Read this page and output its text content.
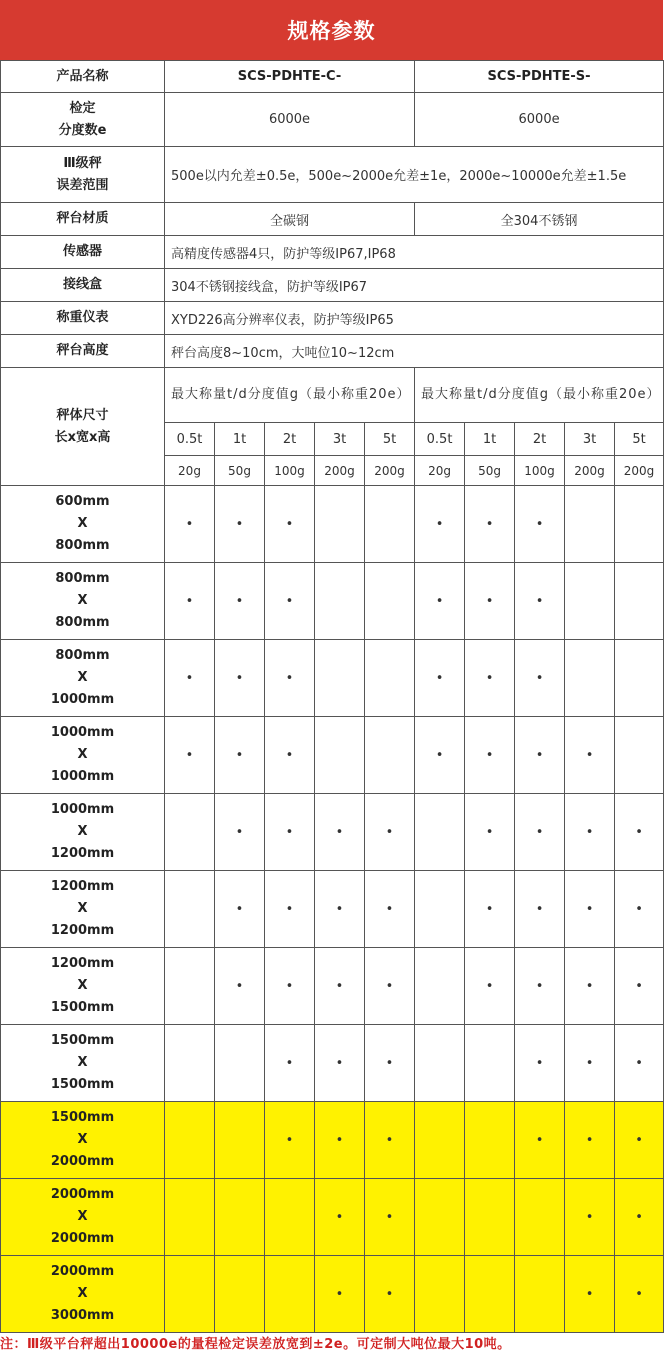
规格参数
产品名称	SCS-PDHTE-C-					SCS-PDHTE-S-				

检定
分度数e	6000e					6000e				

Ⅲ级秤
误差范围	500e以内允差±0.5e，500e~2000e允差±1e，2000e~10000e允差±1.5e									
秤台材质	全碳钢					全304不锈钢				
传感器	高精度传感器4只，防护等级IP67,IP68									
接线盒	304不锈钢接线盒，防护等级IP67									
称重仪表	XYD226高分辨率仪表，防护等级IP65									
秤台高度	秤台高度8~10cm，大吨位10~12cm									

秤体尺寸
长x宽x高	最大称量t/d分度值g（最小称重20e）					最大称量t/d分度值g（最小称重20e）				
	0.5t	1t	2t	3t	5t	0.5t	1t	2t	3t	5t
	20g	50g	100g	200g	200g	20g	50g	100g	200g	200g

600mm
X
800mm	•	•	•			•	•	•		

800mm
X
800mm	•	•	•			•	•	•		

800mm
X
1000mm	•	•	•			•	•	•		

1000mm
X
1000mm	•	•	•			•	•	•	•	

1000mm
X
1200mm		•	•	•	•		•	•	•	•

1200mm
X
1200mm		•	•	•	•		•	•	•	•

1200mm
X
1500mm		•	•	•	•		•	•	•	•

1500mm
X
1500mm			•	•	•			•	•	•

1500mm
X
2000mm			•	•	•			•	•	•

2000mm
X
2000mm				•	•				•	•

2000mm
X
3000mm				•	•				•	•
注：Ⅲ级平台秤超出10000e的量程检定误差放宽到±2e。可定制大吨位最大10吨。
